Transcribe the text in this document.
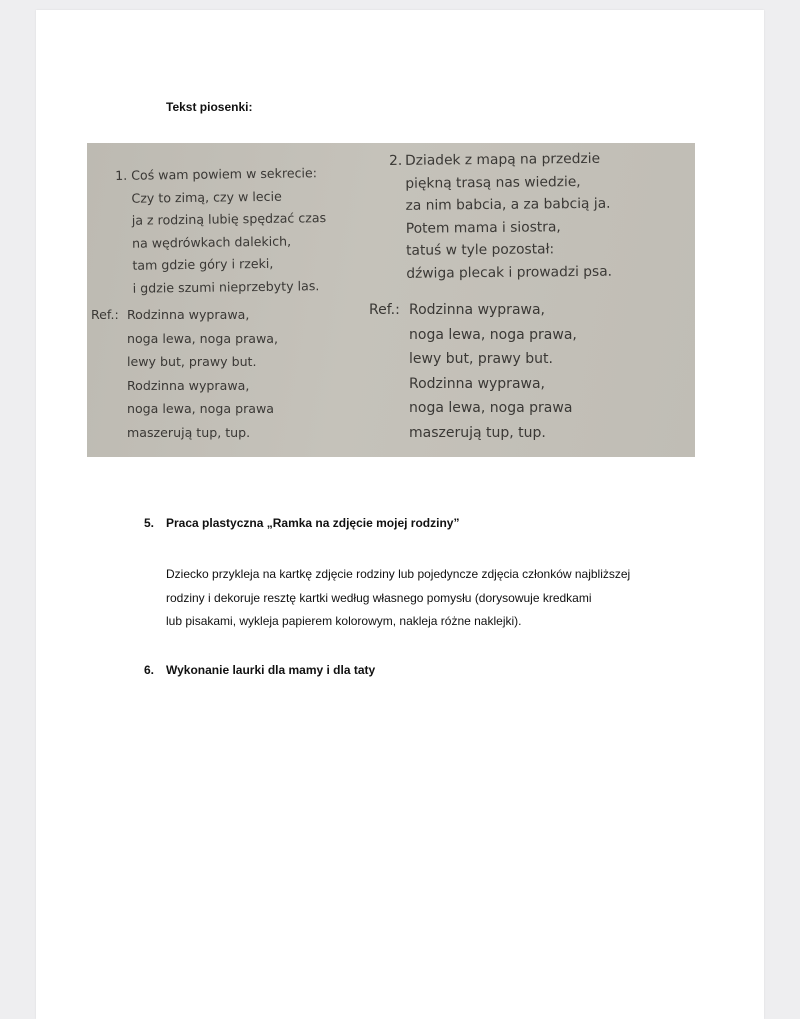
Tekst piosenki:
1. Coś wam powiem w sekrecie:
Czy to zimą, czy w lecie
ja z rodziną lubię spędzać czas
na wędrówkach dalekich,
tam gdzie góry i rzeki,
i gdzie szumi nieprzebyty las.
2. Dziadek z mapą na przedzie
piękną trasą nas wiedzie,
za nim babcia, a za babcią ja.
Potem mama i siostra,
tatuś w tyle pozostał:
dźwiga plecak i prowadzi psa.
Ref.: Rodzinna wyprawa,
noga lewa, noga prawa,
lewy but, prawy but.
Rodzinna wyprawa,
noga lewa, noga prawa
maszerują tup, tup.
Ref.: Rodzinna wyprawa,
noga lewa, noga prawa,
lewy but, prawy but.
Rodzinna wyprawa,
noga lewa, noga prawa
maszerują tup, tup.
5. Praca plastyczna „Ramka na zdjęcie mojej rodziny”
Dziecko przykleja na kartkę zdjęcie rodziny lub pojedyncze zdjęcia członków najbliższej
rodziny i dekoruje resztę kartki według własnego pomysłu (dorysowuje kredkami
lub pisakami, wykleja papierem kolorowym, nakleja różne naklejki).
6. Wykonanie laurki dla mamy i dla taty
